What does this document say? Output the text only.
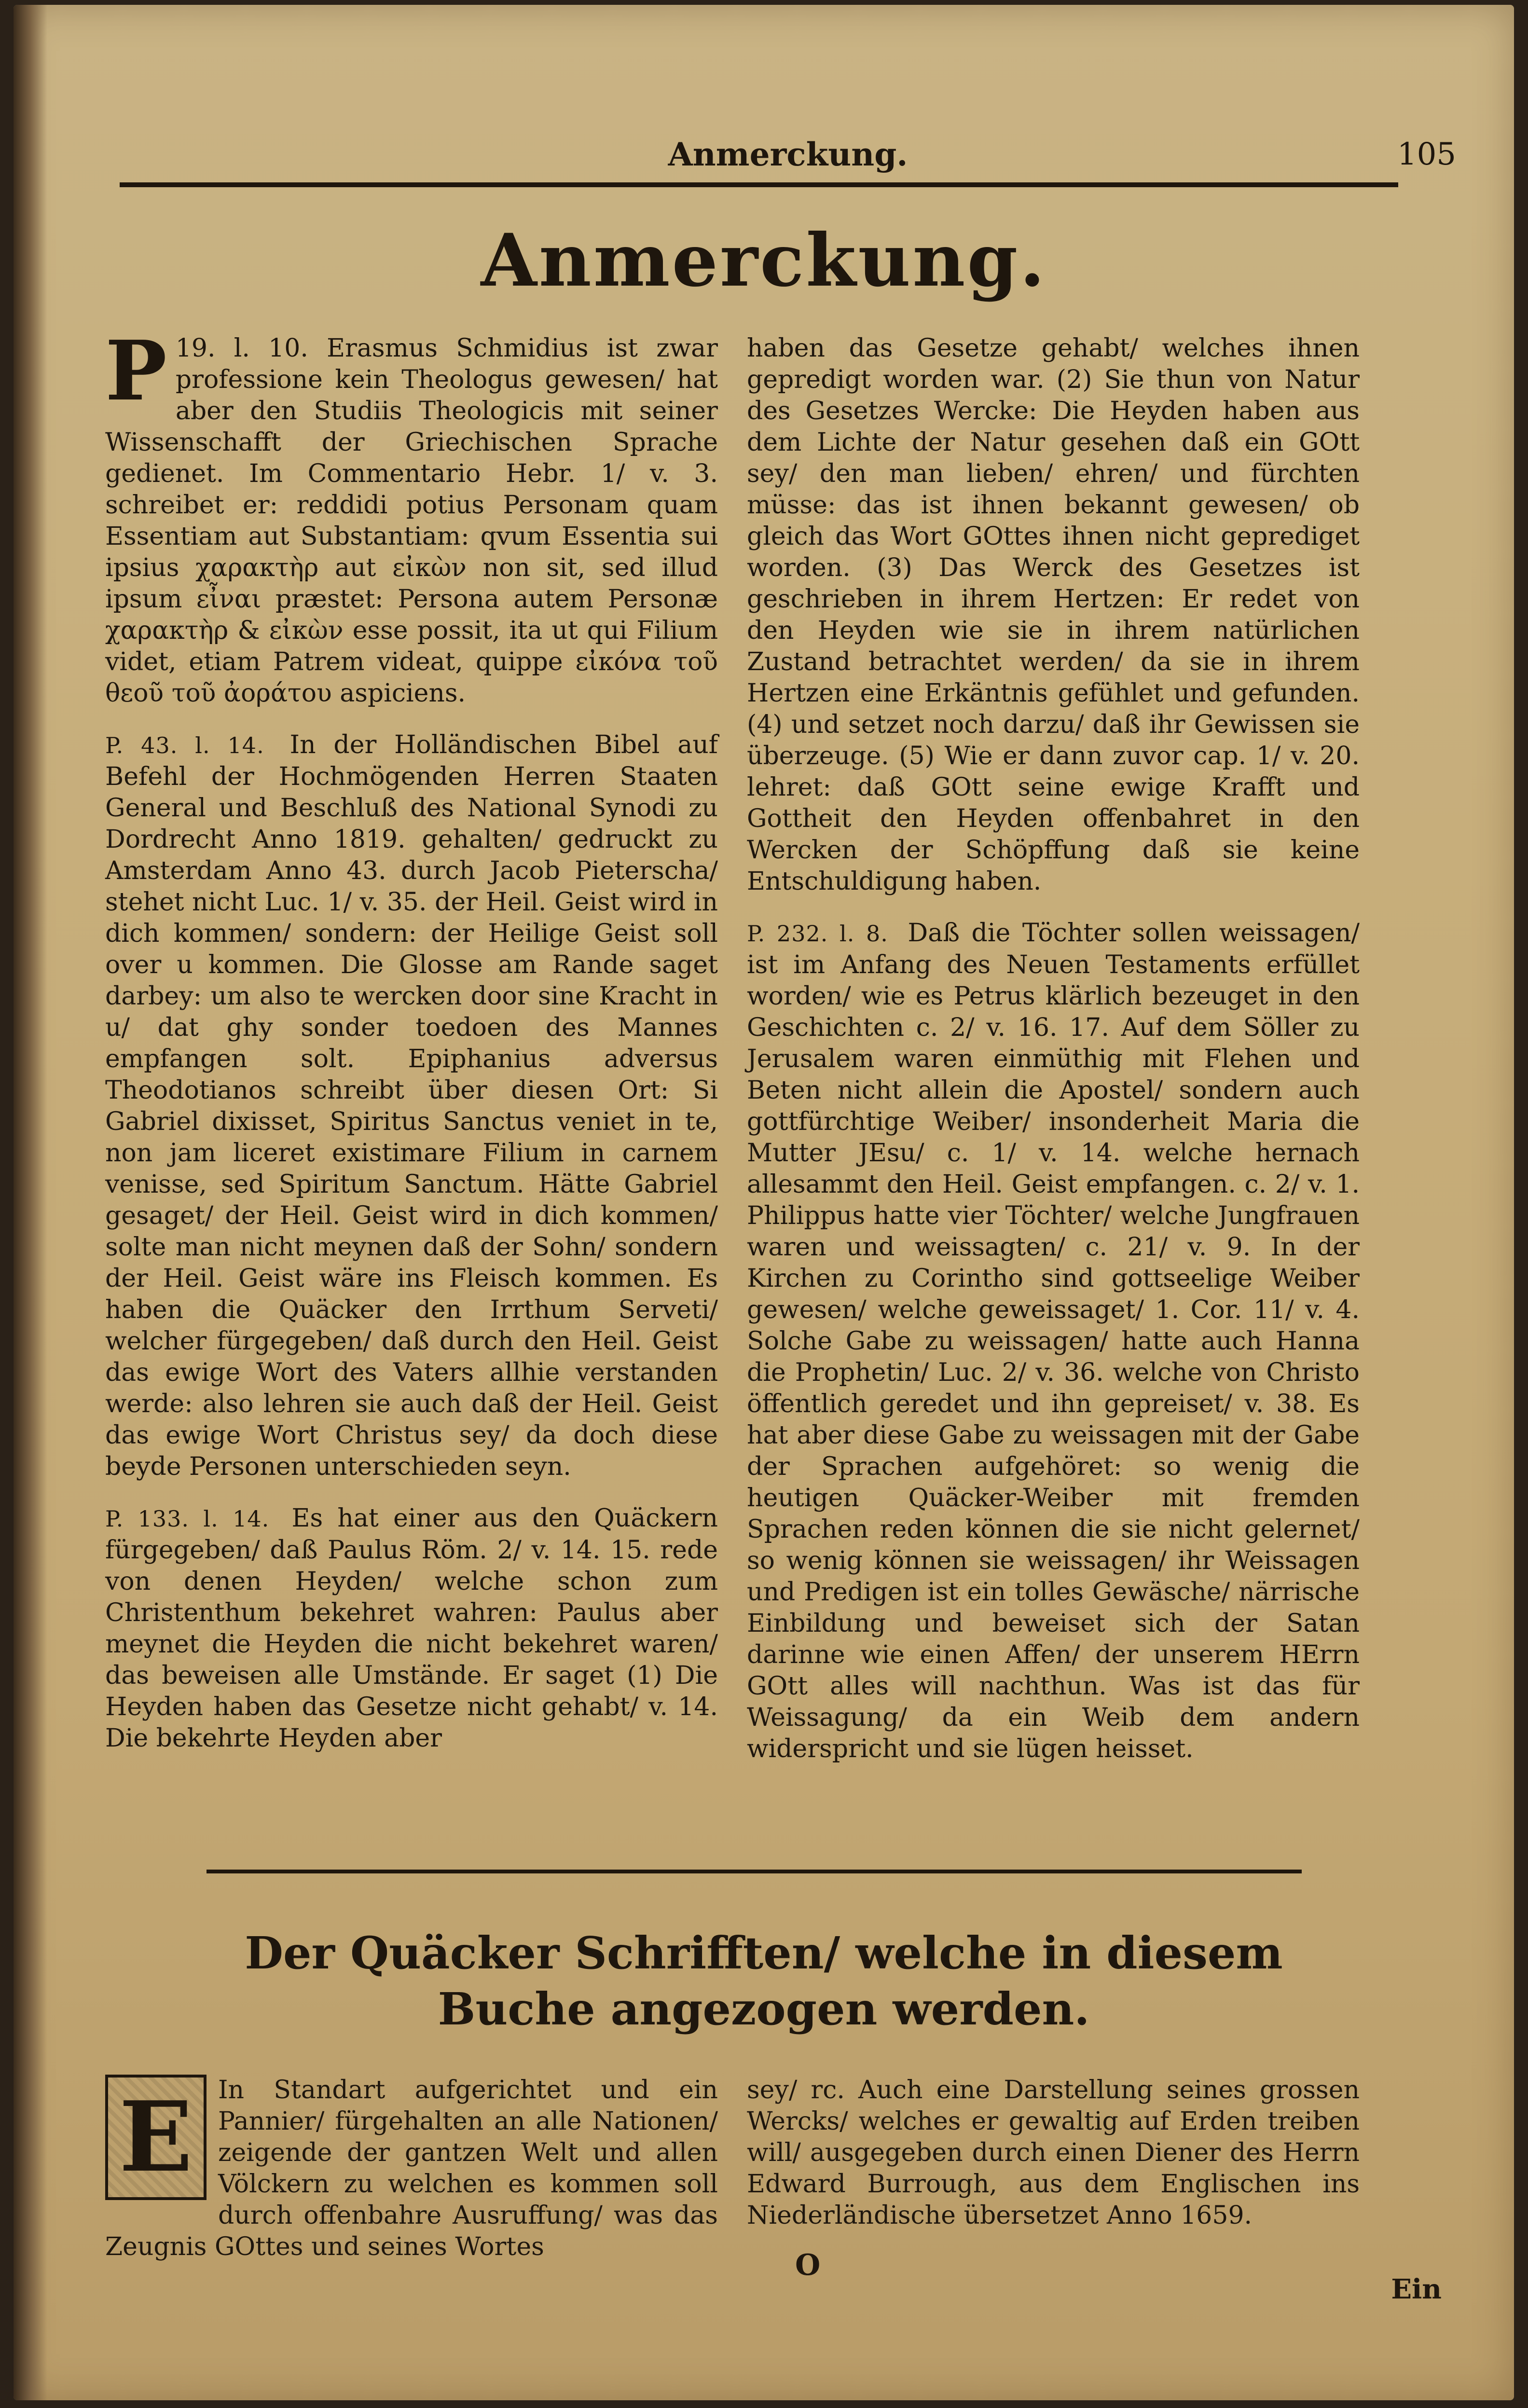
Anmerckung.	105
Anmerckung.

P 19. l. 10. Erasmus Schmidius ist zwar professione kein Theologus gewesen/ hat aber den Studiis Theologicis mit seiner Wissenschafft der Griechischen Sprache gedienet. Im Commentario Hebr. 1/ v. 3. schreibet er: reddidi potius Personam quam Essentiam aut Substantiam: qvum Essentia sui ipsius χαρακτὴρ aut εἰκὼν non sit, sed illud ipsum εἶναι præstet: Persona autem Personæ χαρακτὴρ & εἰκὼν esse possit, ita ut qui Filium videt, etiam Patrem videat, quippe εἰκόνα τοῦ θεοῦ τοῦ ἀοράτου aspiciens.

P. 43. l. 14. In der Holländischen Bibel auf Befehl der Hochmögenden Herren Staaten General und Beschluß des National Synodi zu Dordrecht Anno 1819. gehalten/ gedruckt zu Amsterdam Anno 43. durch Jacob Pieterscha/ stehet nicht Luc. 1/ v. 35. der Heil. Geist wird in dich kommen/ sondern: der Heilige Geist soll over u kommen. Die Glosse am Rande saget darbey: um also te wercken door sine Kracht in u/ dat ghy sonder toedoen des Mannes empfangen solt. Epiphanius adversus Theodotianos schreibt über diesen Ort: Si Gabriel dixisset, Spiritus Sanctus veniet in te, non jam liceret existimare Filium in carnem venisse, sed Spiritum Sanctum. Hätte Gabriel gesaget/ der Heil. Geist wird in dich kommen/ solte man nicht meynen daß der Sohn/ sondern der Heil. Geist wäre ins Fleisch kommen. Es haben die Quäcker den Irrthum Serveti/ welcher fürgegeben/ daß durch den Heil. Geist das ewige Wort des Vaters allhie verstanden werde: also lehren sie auch daß der Heil. Geist das ewige Wort Christus sey/ da doch diese beyde Personen unterschieden seyn.

P. 133. l. 14. Es hat einer aus den Quäckern fürgegeben/ daß Paulus Röm. 2/ v. 14. 15. rede von denen Heyden/ welche schon zum Christenthum bekehret wahren: Paulus aber meynet die Heyden die nicht bekehret waren/ das beweisen alle Umstände. Er saget (1) Die Heyden haben das Gesetze nicht gehabt/ v. 14. Die bekehrte Heyden aber

haben das Gesetze gehabt/ welches ihnen gepredigt worden war. (2) Sie thun von Natur des Gesetzes Wercke: Die Heyden haben aus dem Lichte der Natur gesehen daß ein GOtt sey/ den man lieben/ ehren/ und fürchten müsse: das ist ihnen bekannt gewesen/ ob gleich das Wort GOttes ihnen nicht geprediget worden. (3) Das Werck des Gesetzes ist geschrieben in ihrem Hertzen: Er redet von den Heyden wie sie in ihrem natürlichen Zustand betrachtet werden/ da sie in ihrem Hertzen eine Erkäntnis gefühlet und gefunden. (4) und setzet noch darzu/ daß ihr Gewissen sie überzeuge. (5) Wie er dann zuvor cap. 1/ v. 20. lehret: daß GOtt seine ewige Krafft und Gottheit den Heyden offenbahret in den Wercken der Schöpffung daß sie keine Entschuldigung haben.

P. 232. l. 8. Daß die Töchter sollen weissagen/ ist im Anfang des Neuen Testaments erfüllet worden/ wie es Petrus klärlich bezeuget in den Geschichten c. 2/ v. 16. 17. Auf dem Söller zu Jerusalem waren einmüthig mit Flehen und Beten nicht allein die Apostel/ sondern auch gottfürchtige Weiber/ insonderheit Maria die Mutter JEsu/ c. 1/ v. 14. welche hernach allesammt den Heil. Geist empfangen. c. 2/ v. 1. Philippus hatte vier Töchter/ welche Jungfrauen waren und weissagten/ c. 21/ v. 9. In der Kirchen zu Corintho sind gottseelige Weiber gewesen/ welche geweissaget/ 1. Cor. 11/ v. 4. Solche Gabe zu weissagen/ hatte auch Hanna die Prophetin/ Luc. 2/ v. 36. welche von Christo öffentlich geredet und ihn gepreiset/ v. 38. Es hat aber diese Gabe zu weissagen mit der Gabe der Sprachen aufgehöret: so wenig die heutigen Quäcker-Weiber mit fremden Sprachen reden können die sie nicht gelernet/ so wenig können sie weissagen/ ihr Weissagen und Predigen ist ein tolles Gewäsche/ närrische Einbildung und beweiset sich der Satan darinne wie einen Affen/ der unserem HErrn GOtt alles will nachthun. Was ist das für Weissagung/ da ein Weib dem andern widerspricht und sie lügen heisset.

Der Quäcker Schrifften/ welche in diesem Buche angezogen werden.

E	In Standart aufgerichtet und ein Pannier/ fürgehalten an alle Nationen/ zeigende der gantzen Welt und allen Völckern zu welchen es kommen soll durch offenbahre Ausruffung/ was das Zeugnis GOttes und seines Wortes

sey/ rc. Auch eine Darstellung seines grossen Wercks/ welches er gewaltig auf Erden treiben will/ ausgegeben durch einen Diener des Herrn Edward Burrough, aus dem Englischen ins Niederländische übersetzet Anno 1659.

O
Ein
